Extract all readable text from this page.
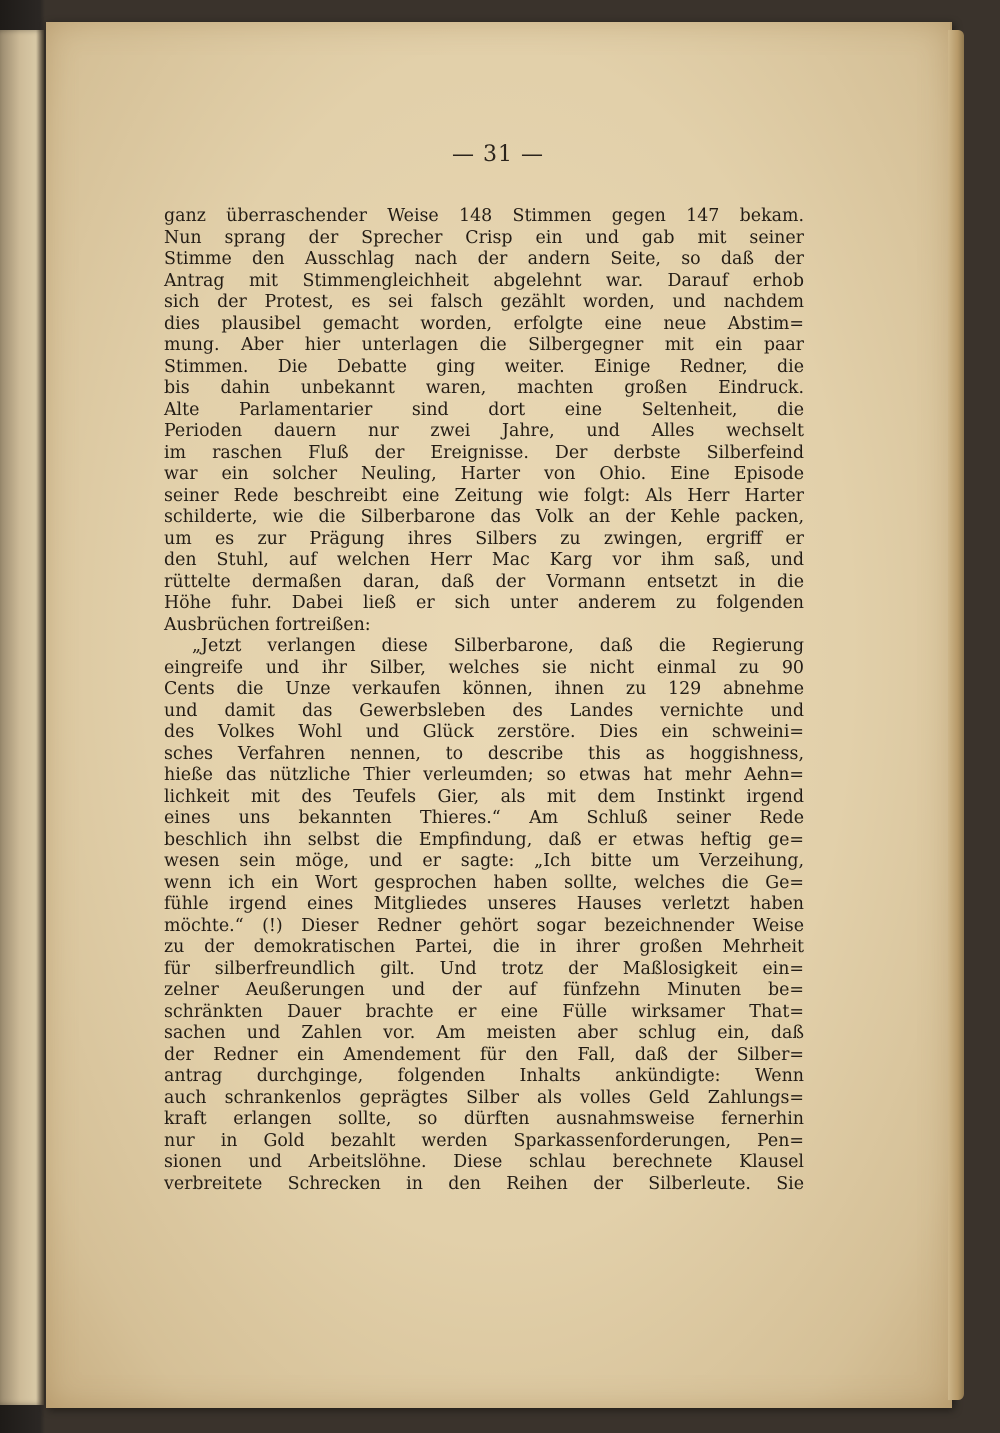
— 31 —
ganz überraschender Weise 148 Stimmen gegen 147 bekam.
Nun sprang der Sprecher Crisp ein und gab mit seiner
Stimme den Ausschlag nach der andern Seite, so daß der
Antrag mit Stimmengleichheit abgelehnt war. Darauf erhob
sich der Protest, es sei falsch gezählt worden, und nachdem
dies plausibel gemacht worden, erfolgte eine neue Abstim=
mung. Aber hier unterlagen die Silbergegner mit ein paar
Stimmen. Die Debatte ging weiter. Einige Redner, die
bis dahin unbekannt waren, machten großen Eindruck.
Alte Parlamentarier sind dort eine Seltenheit, die
Perioden dauern nur zwei Jahre, und Alles wechselt
im raschen Fluß der Ereignisse. Der derbste Silberfeind
war ein solcher Neuling, Harter von Ohio. Eine Episode
seiner Rede beschreibt eine Zeitung wie folgt: Als Herr Harter
schilderte, wie die Silberbarone das Volk an der Kehle packen,
um es zur Prägung ihres Silbers zu zwingen, ergriff er
den Stuhl, auf welchen Herr Mac Karg vor ihm saß, und
rüttelte dermaßen daran, daß der Vormann entsetzt in die
Höhe fuhr. Dabei ließ er sich unter anderem zu folgenden
Ausbrüchen fortreißen:
„Jetzt verlangen diese Silberbarone, daß die Regierung
eingreife und ihr Silber, welches sie nicht einmal zu 90
Cents die Unze verkaufen können, ihnen zu 129 abnehme
und damit das Gewerbsleben des Landes vernichte und
des Volkes Wohl und Glück zerstöre. Dies ein schweini=
sches Verfahren nennen, to describe this as hoggishness,
hieße das nützliche Thier verleumden; so etwas hat mehr Aehn=
lichkeit mit des Teufels Gier, als mit dem Instinkt irgend
eines uns bekannten Thieres.“ Am Schluß seiner Rede
beschlich ihn selbst die Empfindung, daß er etwas heftig ge=
wesen sein möge, und er sagte: „Ich bitte um Verzeihung,
wenn ich ein Wort gesprochen haben sollte, welches die Ge=
fühle irgend eines Mitgliedes unseres Hauses verletzt haben
möchte.“ (!) Dieser Redner gehört sogar bezeichnender Weise
zu der demokratischen Partei, die in ihrer großen Mehrheit
für silberfreundlich gilt. Und trotz der Maßlosigkeit ein=
zelner Aeußerungen und der auf fünfzehn Minuten be=
schränkten Dauer brachte er eine Fülle wirksamer That=
sachen und Zahlen vor. Am meisten aber schlug ein, daß
der Redner ein Amendement für den Fall, daß der Silber=
antrag durchginge, folgenden Inhalts ankündigte: Wenn
auch schrankenlos geprägtes Silber als volles Geld Zahlungs=
kraft erlangen sollte, so dürften ausnahmsweise fernerhin
nur in Gold bezahlt werden Sparkassenforderungen, Pen=
sionen und Arbeitslöhne. Diese schlau berechnete Klausel
verbreitete Schrecken in den Reihen der Silberleute. Sie
